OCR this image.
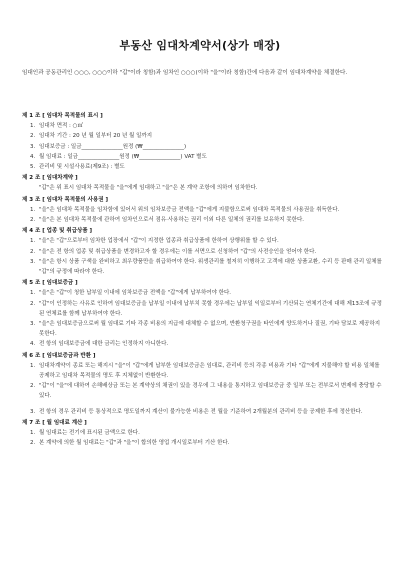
부동산 임대차계약서(상가 매장)
임대인과 공동관리인 ○○○, ○○○이하 "갑"이라 칭함)과 임차인 ○○○(이하 "을"이라 칭함)간에 다음과 같이 임대차계약을 체결한다.
제 1 조 [ 임대차 목적물의 표시 ]
1. 임대차 면적 : ○㎡
2. 임대차 기간 : 20 년 월 일부터 20 년 월 일까지
3. 임대보증금 : 일금_______________원정 (₩_______________)
4. 월 임대료 : 일금_______________원정 (₩_______________) VAT 별도
5. 관리비 및 시설사용료(제9조) : 별도
제 2 조 [ 임대차계약 ]
"갑"은 위 표시 임대차 목적물을 "을"에게 임대하고 "을"은 본 계약 조항에 의하여 임차한다.
제 3 조 [ 임대차 목적물의 사용권 ]
1. "을"은 임대차 목적물을 임차함에 있어서 위의 임차보증금 전액을 "갑"에게 지불함으로써 임대차 목적물의 사용권을 취득한다.
2. "을"은 본 임대차 목적물에 관하여 임차인으로서 점유·사용하는 권리 이외 다른 일체의 권리를 보유하지 못한다.
제 4 조 [ 업종 및 취급상품 ]
1. "을"은 "갑"으로부터 임차한 업장에서 "갑"이 지정한 업종과 취급상품에 한하여 상행위를 할 수 있다.
2. "을"은 전 항의 업종 및 취급상품을 변경하고자 할 경우에는 이를 서면으로 신청하여 "갑"의 사전승인을 얻어야 한다.
3. "을"은 항시 상품 구색을 완비하고 최우량품만을 취급하여야 한다. 위생관리를 철저히 이행하고 고객에 대한 상품교환, 수리 등 판매 관리 일체를 "갑"의 규정에 따라야 한다.
제 5 조 [ 임대보증금 ]
1. "을"은 "갑"이 청한 납부일 이내에 임차보증금 전액을 "갑"에게 납부하여야 한다.
2. "갑"이 인정하는 사유로 인하여 임대보증금을 납부일 이내에 납부치 못할 경우에는 납부일 익일로부터 기산되는 연체기간에 대해 제13조에 규정된 연체료를 함께 납부하여야 한다.
3. "을"은 임대보증금으로써 월 임대료 기타 각종 비용의 지급에 대체할 수 없으며, 반환청구권을 타인에게 양도하거나 질권, 기타 담보로 제공하지 못한다.
4. 전 항의 임대보증금에 대한 금리는 인정하지 아니한다.
제 6 조 [ 임대보증금과 반환 ]
1. 임대차계약이 종료 또는 해지시 "을"이 "갑"에게 납부한 임대보증금은 임대료, 관리비 등의 각종 비용과 기타 "갑"에게 지불해야 할 비용 일체를 공제하고 임대차 목적물의 명도 후 지체없이 반환한다.
2. "갑"이 "을"에 대하여 손해배상금 또는 본 계약상의 채권이 있을 경우에 그 내용을 통지하고 임대보증금 중 일부 또는 전부로서 변제에 충당할 수 있다.
3. 전 항의 경우 관리비 등 통상적으로 명도일까지 계산이 불가능한 비용은 전 월을 기준하여 2개월분의 관리비 등을 공제한 후에 정산한다.
제 7 조 [ 월 임대료 계산 ]
1. 월 임대료는 전기에 표시된 금액으로 한다.
2. 본 계약에 의한 월 임대료는 "갑"과 "을"이 합의한 영업 개시일로부터 기산 한다.
